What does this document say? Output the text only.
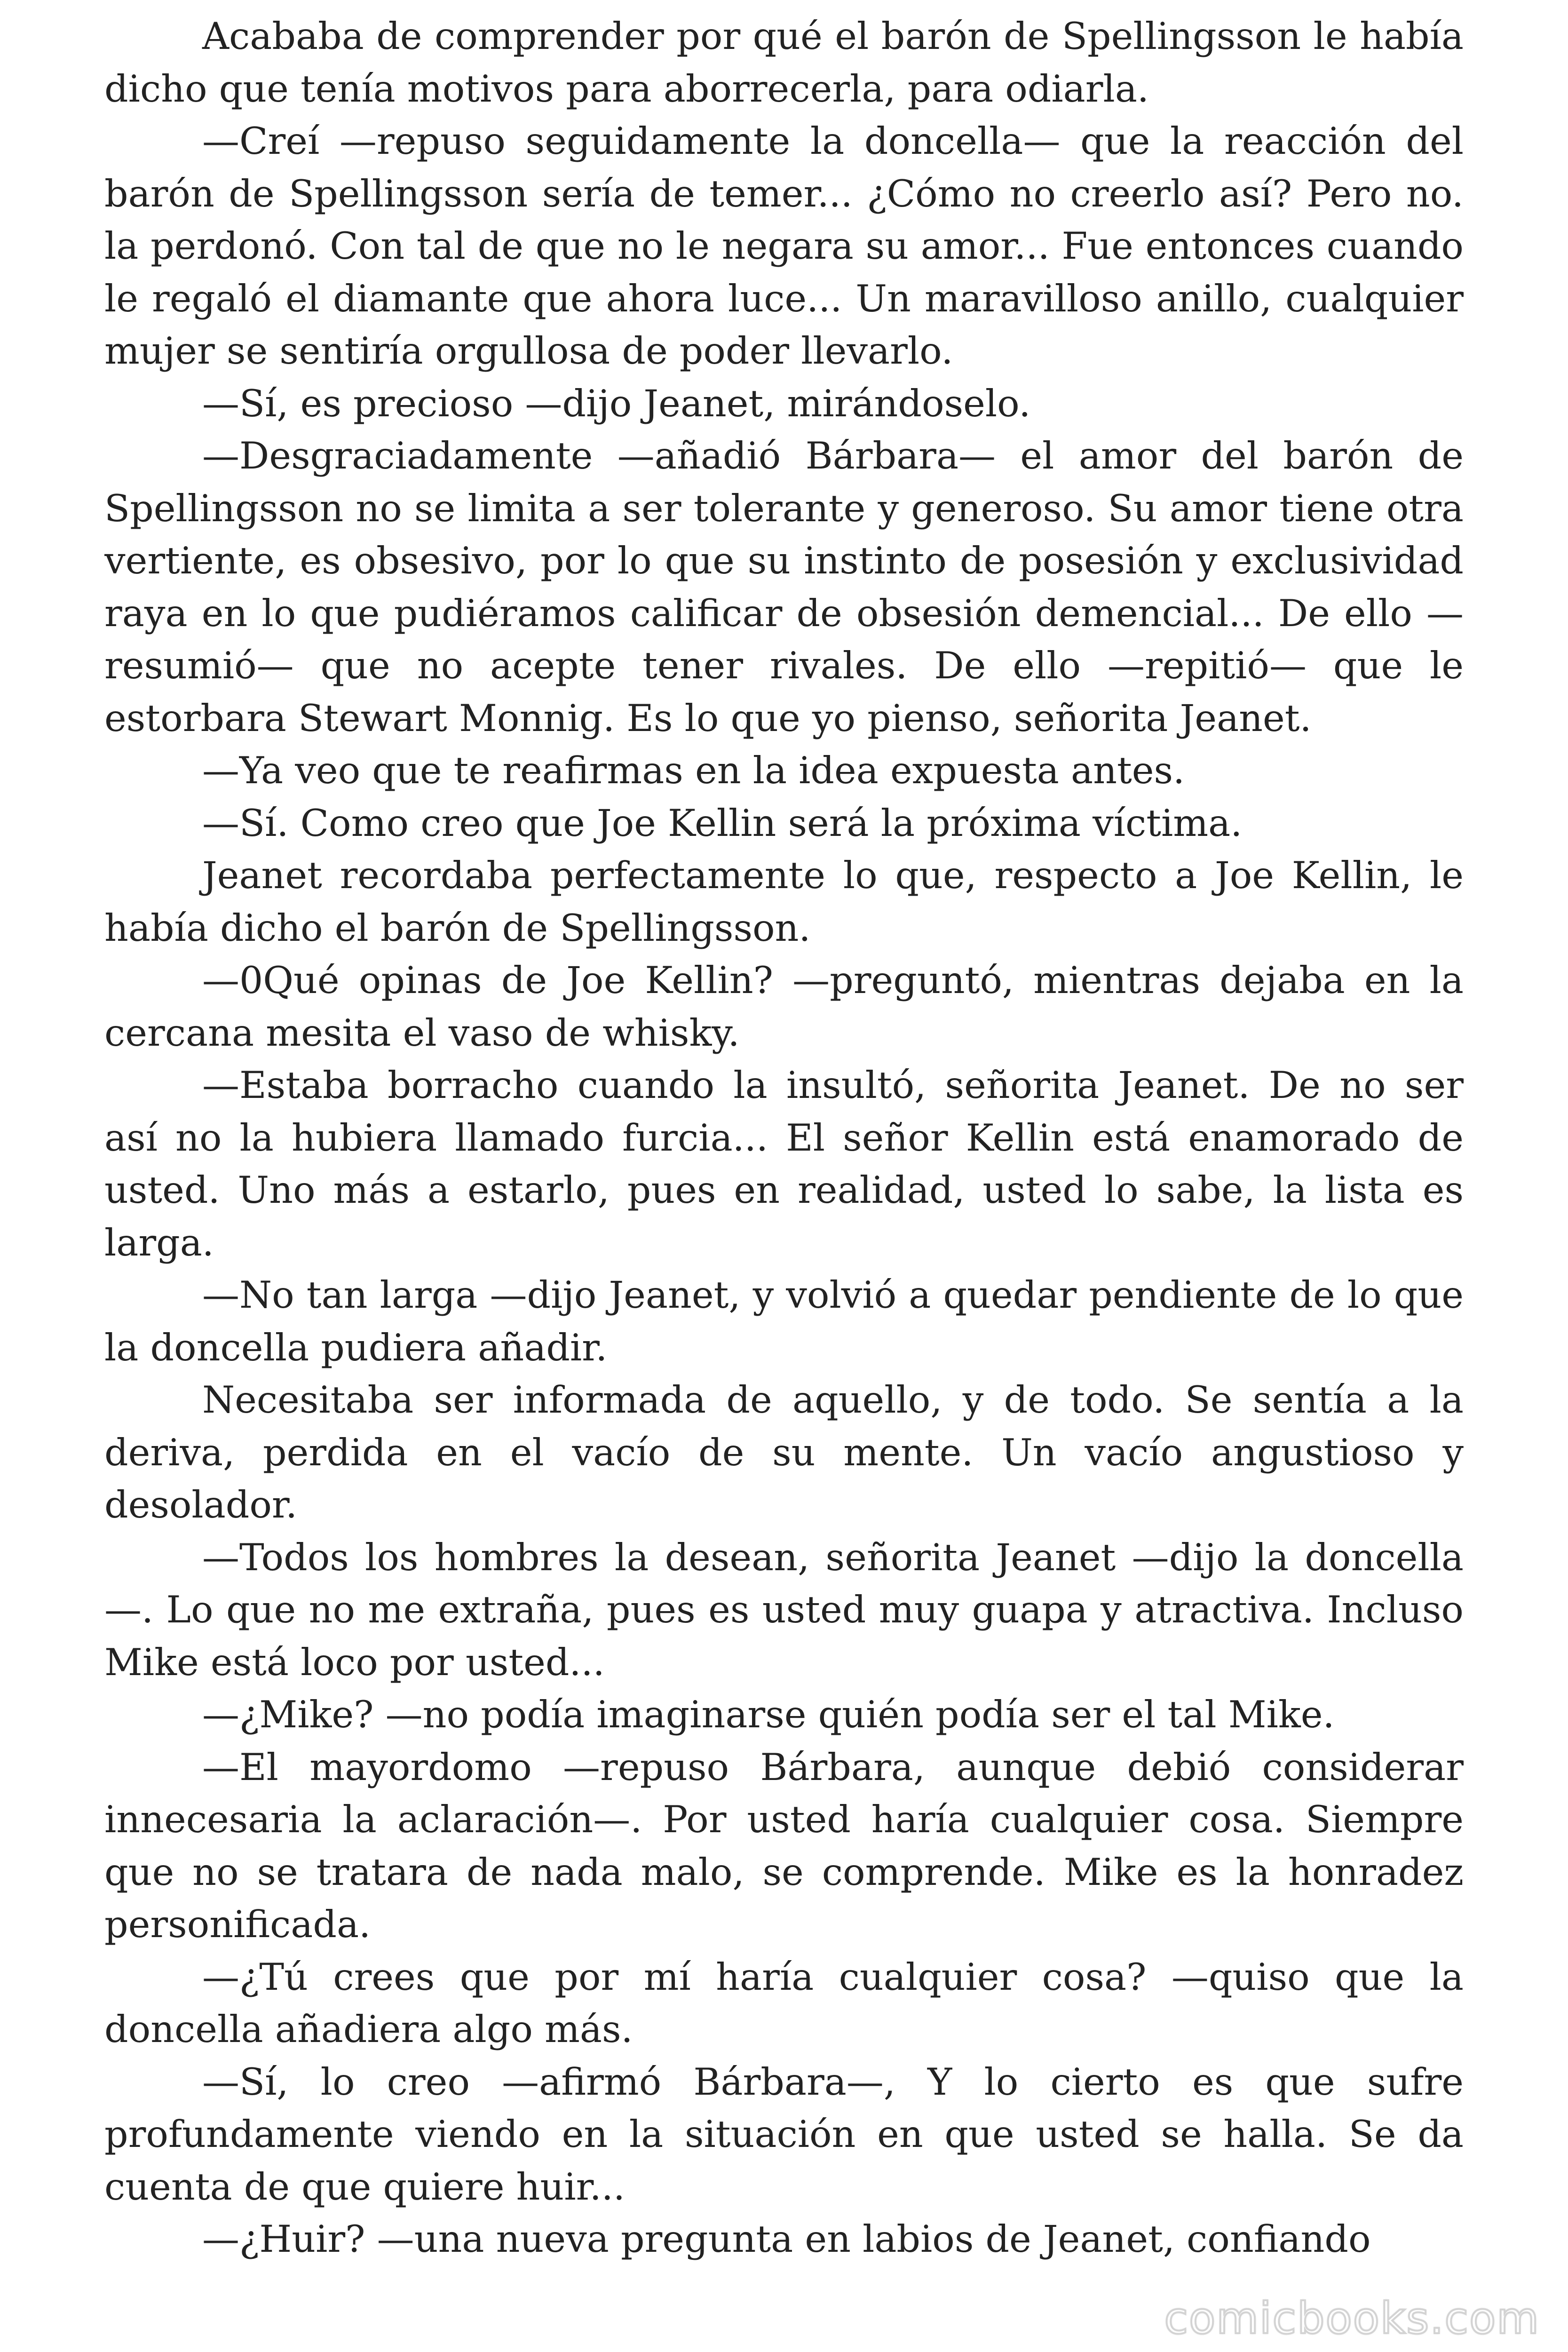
Acababa de comprender por qué el barón de Spellingsson le había dicho que tenía motivos para aborrecerla, para odiarla.

—Creí —repuso seguidamente la doncella— que la reacción del barón de Spellingsson sería de temer... ¿Cómo no creerlo así? Pero no. la perdonó. Con tal de que no le negara su amor... Fue entonces cuando le regaló el diamante que ahora luce... Un maravilloso anillo, cualquier mujer se sentiría orgullosa de poder llevarlo.

—Sí, es precioso —dijo Jeanet, mirándoselo.

—Desgraciadamente —añadió Bárbara— el amor del barón de Spellingsson no se limita a ser tolerante y generoso. Su amor tiene otra vertiente, es obsesivo, por lo que su instinto de posesión y exclusividad raya en lo que pudiéramos calificar de obsesión demencial... De ello —resumió— que no acepte tener rivales. De ello —repitió— que le estorbara Stewart Monnig. Es lo que yo pienso, señorita Jeanet.

—Ya veo que te reafirmas en la idea expuesta antes.

—Sí. Como creo que Joe Kellin será la próxima víctima.

Jeanet recordaba perfectamente lo que, respecto a Joe Kellin, le había dicho el barón de Spellingsson.

—0Qué opinas de Joe Kellin? —preguntó, mientras dejaba en la cercana mesita el vaso de whisky.

—Estaba borracho cuando la insultó, señorita Jeanet. De no ser así no la hubiera llamado furcia... El señor Kellin está enamorado de usted. Uno más a estarlo, pues en realidad, usted lo sabe, la lista es larga.

—No tan larga —dijo Jeanet, y volvió a quedar pendiente de lo que la doncella pudiera añadir.

Necesitaba ser informada de aquello, y de todo. Se sentía a la deriva, perdida en el vacío de su mente. Un vacío angustioso y desolador.

—Todos los hombres la desean, señorita Jeanet —dijo la doncella —. Lo que no me extraña, pues es usted muy guapa y atractiva. Incluso Mike está loco por usted...

—¿Mike? —no podía imaginarse quién podía ser el tal Mike.

—El mayordomo —repuso Bárbara, aunque debió considerar innecesaria la aclaración—. Por usted haría cualquier cosa. Siempre que no se tratara de nada malo, se comprende. Mike es la honradez personificada.

—¿Tú crees que por mí haría cualquier cosa? —quiso que la doncella añadiera algo más.

—Sí, lo creo —afirmó Bárbara—, Y lo cierto es que sufre profundamente viendo en la situación en que usted se halla. Se da cuenta de que quiere huir...

—¿Huir? —una nueva pregunta en labios de Jeanet, confiando

comicbooks.com
